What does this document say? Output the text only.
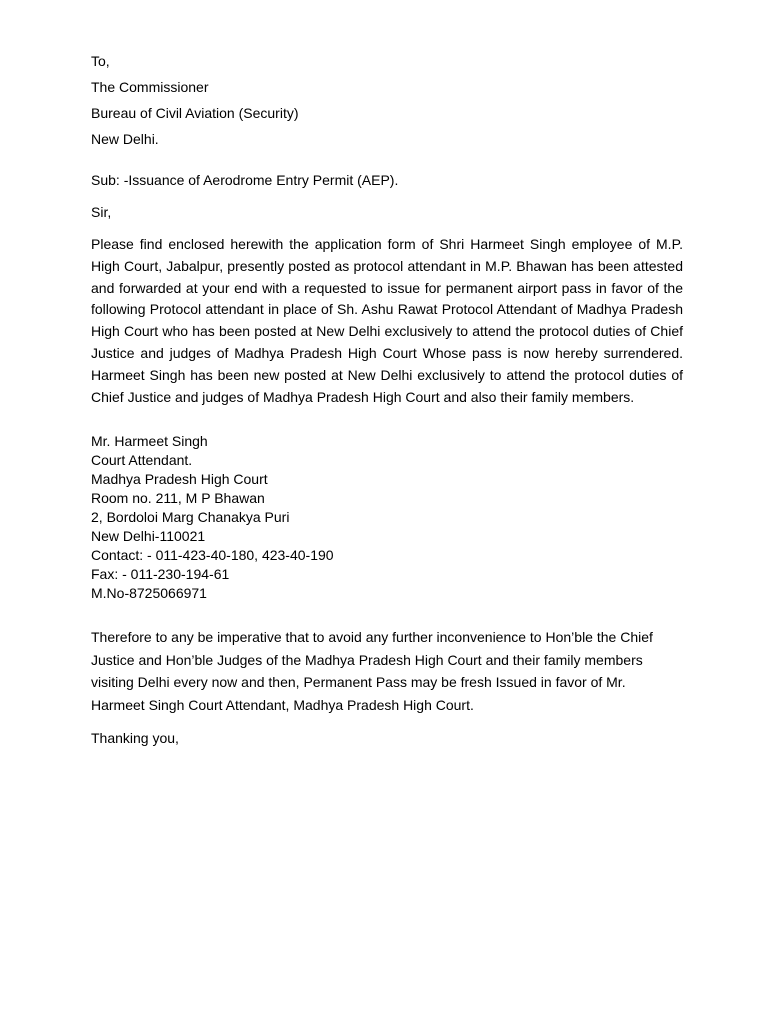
To,
The Commissioner
Bureau of Civil Aviation (Security)
New Delhi.
Sub: -Issuance of Aerodrome Entry Permit (AEP).
Sir,
Please find enclosed herewith the application form of Shri Harmeet Singh employee of M.P. High Court, Jabalpur, presently posted as protocol attendant in M.P. Bhawan has been attested and forwarded at your end with a requested to issue for permanent airport pass in favor of the following Protocol attendant in place of Sh. Ashu Rawat Protocol Attendant of Madhya Pradesh High Court who has been posted at New Delhi exclusively to attend the protocol duties of Chief Justice and judges of Madhya Pradesh High Court Whose pass is now hereby surrendered. Harmeet Singh has been new posted at New Delhi exclusively to attend the protocol duties of Chief Justice and judges of Madhya Pradesh High Court and also their family members.
Mr. Harmeet Singh
Court Attendant.
Madhya Pradesh High Court
Room no. 211, M P Bhawan
2, Bordoloi Marg Chanakya Puri
New Delhi-110021
Contact: - 011-423-40-180, 423-40-190
Fax: - 011-230-194-61
M.No-8725066971
Therefore to any be imperative that to avoid any further inconvenience to Hon’ble the Chief Justice and Hon’ble Judges of the Madhya Pradesh High Court and their family members visiting Delhi every now and then, Permanent Pass may be fresh Issued in favor of Mr. Harmeet Singh Court Attendant, Madhya Pradesh High Court.
Thanking you,
